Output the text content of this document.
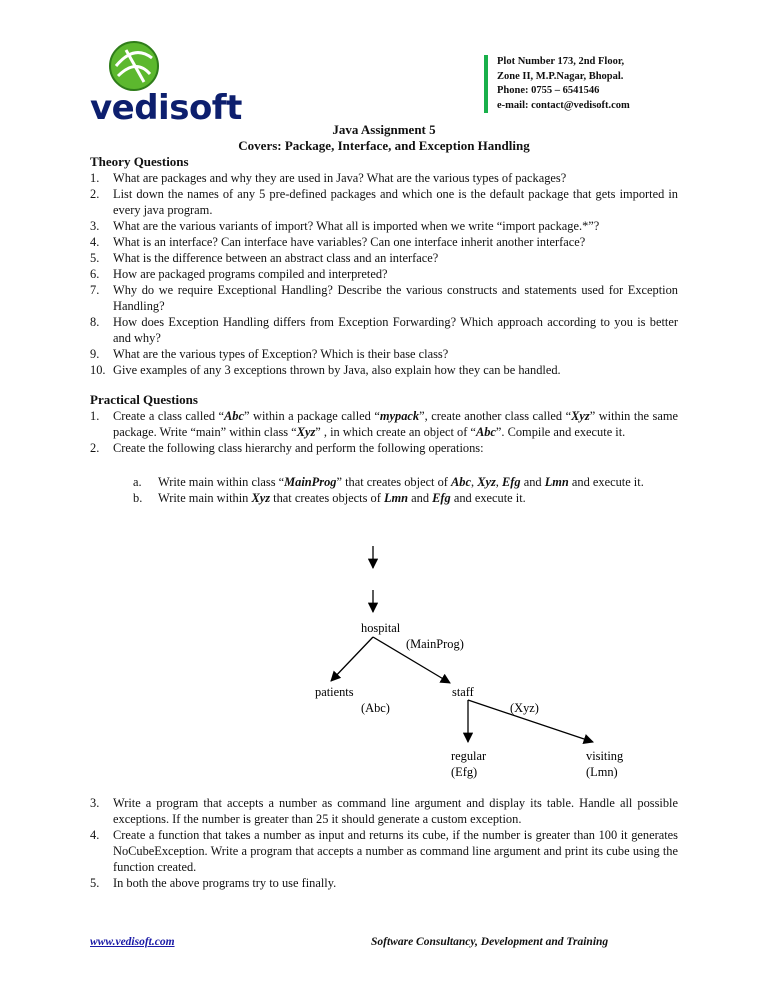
vedisoft
Plot Number 173, 2nd Floor,
Zone II, M.P.Nagar, Bhopal.
Phone: 0755 – 6541546
e-mail: contact@vedisoft.com
Java Assignment 5
Covers: Package, Interface, and Exception Handling
Theory Questions
1. What are packages and why they are used in Java? What are the various types of packages?
2. List down the names of any 5 pre-defined packages and which one is the default package that gets imported in every java program.
3. What are the various variants of import? What all is imported when we write “import package.*”?
4. What is an interface? Can interface have variables? Can one interface inherit another interface?
5. What is the difference between an abstract class and an interface?
6. How are packaged programs compiled and interpreted?
7. Why do we require Exceptional Handling? Describe the various constructs and statements used for Exception Handling?
8. How does Exception Handling differs from Exception Forwarding? Which approach according to you is better and why?
9. What are the various types of Exception? Which is their base class?
10. Give examples of any 3 exceptions thrown by Java, also explain how they can be handled.
Practical Questions
1. Create a class called “Abc” within a package called “mypack”, create another class called “Xyz” within the same package. Write “main” within class “Xyz” , in which create an object of “Abc”. Compile and execute it.
2. Create the following class hierarchy and perform the following operations:
a. Write main within class “MainProg” that creates object of Abc, Xyz, Efg and Lmn and execute it.
b. Write main within Xyz that creates objects of Lmn and Efg and execute it.
hospital
(MainProg)
patients
(Abc)
staff
(Xyz)
regular
(Efg)
visiting
(Lmn)
3. Write a program that accepts a number as command line argument and display its table. Handle all possible exceptions. If the number is greater than 25 it should generate a custom exception.
4. Create a function that takes a number as input and returns its cube, if the number is greater than 100 it generates NoCubeException. Write a program that accepts a number as command line argument and print its cube using the function created.
5. In both the above programs try to use finally.
www.vedisoft.com	Software Consultancy, Development and Training
